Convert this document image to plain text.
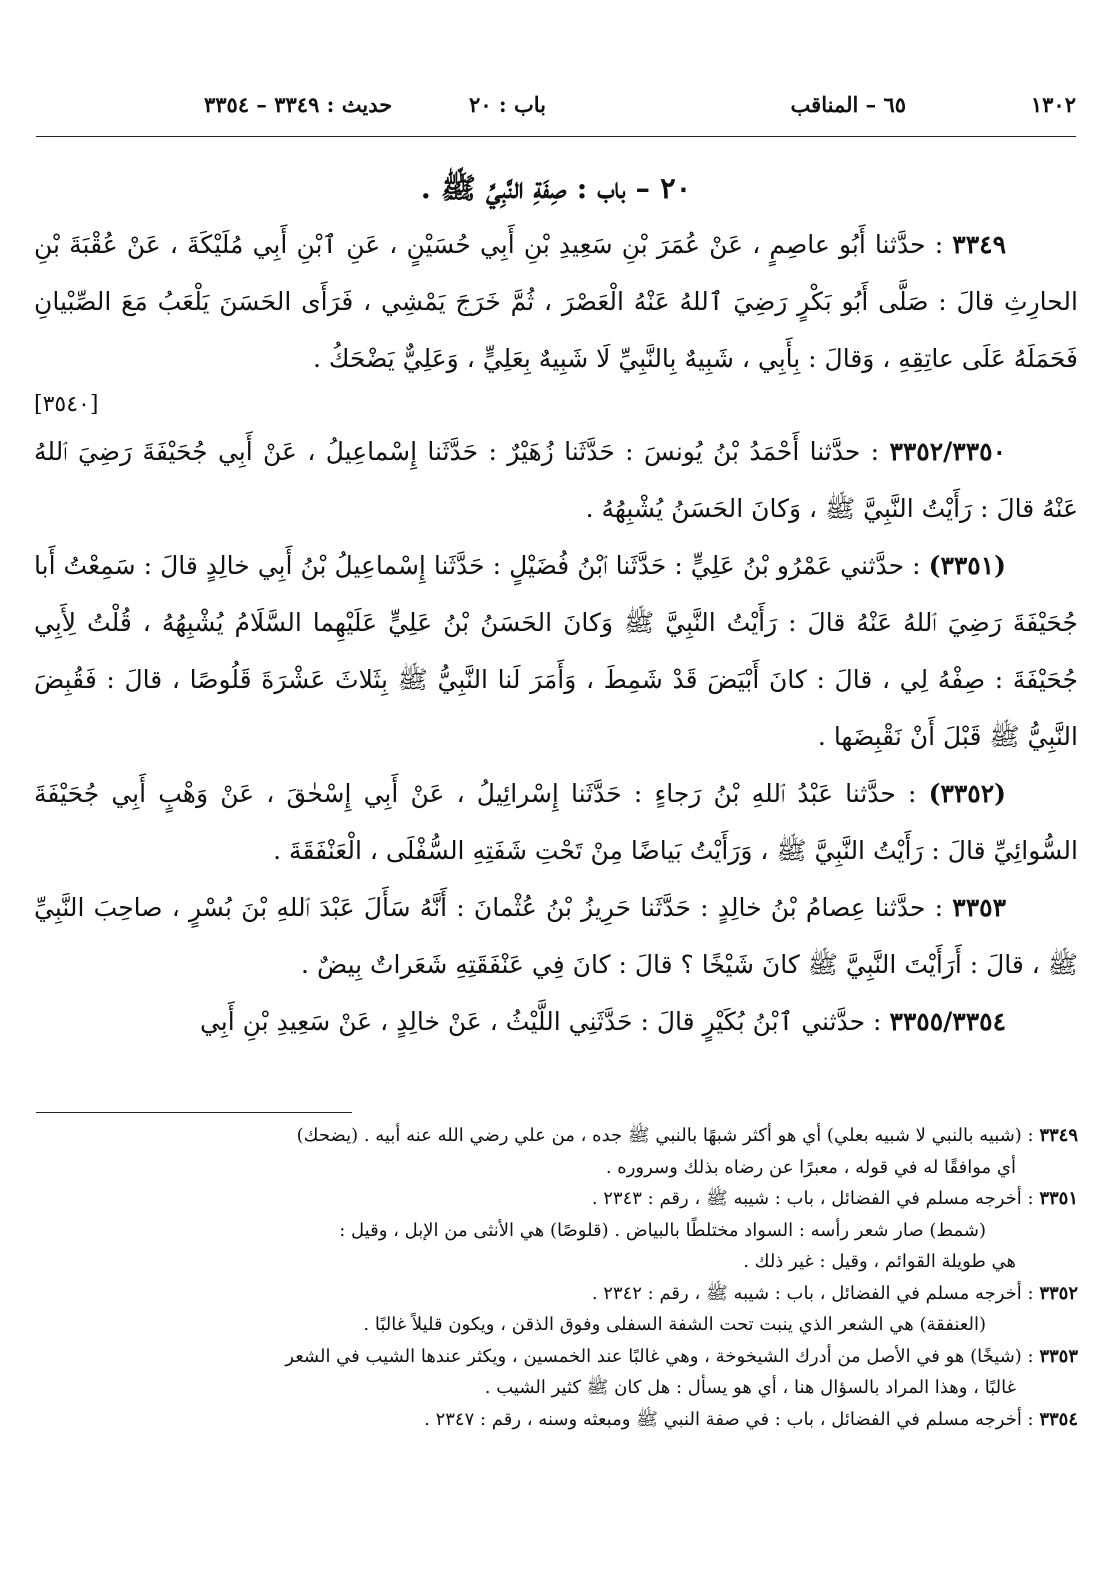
١٣٠٢
٦٥ – المناقب
باب : ٢٠
حديث : ٣٣٤٩ – ٣٣٥٤
٢٠ – باب : صِفَةِ النَّبِيِّ ﷺ .

٣٣٤٩ : حدَّثنا أَبُو عاصِمٍ ، عَنْ عُمَرَ بْنِ سَعِيدِ بْنِ أَبِي حُسَيْنٍ ، عَنِ ٱبْنِ أَبِي مُلَيْكَةَ ، عَنْ عُقْبَةَ بْنِ الحارِثِ قالَ : صَلَّى أَبُو بَكْرٍ رَضِيَ ٱللهُ عَنْهُ الْعَصْرَ ، ثُمَّ خَرَجَ يَمْشِي ، فَرَأَى الحَسَنَ يَلْعَبُ مَعَ الصِّبْيانِ فَحَمَلَهُ عَلَى عاتِقِهِ ، وَقالَ : بِأَبِي ، شَبِيهٌ بِالنَّبِيِّ لَا شَبِيهٌ بِعَلِيٍّ ، وَعَلِيٌّ يَضْحَكُ .

[٣٥٤٠]

٣٣٥٢/٣٣٥٠ : حدَّثنا أَحْمَدُ بْنُ يُونسَ : حَدَّثَنا زُهَيْرٌ : حَدَّثَنا إِسْماعِيلُ ، عَنْ أَبِي جُحَيْفَةَ رَضِيَ ٱللهُ عَنْهُ قالَ : رَأَيْتُ النَّبِيَّ ﷺ ، وَكانَ الحَسَنُ يُشْبِهُهُ .

(٣٣٥١) : حدَّثني عَمْرُو بْنُ عَلِيٍّ : حَدَّثَنا ٱبْنُ فُضَيْلٍ : حَدَّثَنا إِسْماعِيلُ بْنُ أَبِي خالِدٍ قالَ : سَمِعْتُ أَبا جُحَيْفَةَ رَضِيَ ٱللهُ عَنْهُ قالَ : رَأَيْتُ النَّبِيَّ ﷺ وَكانَ الحَسَنُ بْنُ عَلِيٍّ عَلَيْهِما السَّلَامُ يُشْبِهُهُ ، قُلْتُ لِأَبِي جُحَيْفَةَ : صِفْهُ لِي ، قالَ : كانَ أَبْيَضَ قَدْ شَمِطَ ، وَأَمَرَ لَنا النَّبِيُّ ﷺ بِثَلاثَ عَشْرَةَ قَلُوصًا ، قالَ : فَقُبِضَ النَّبِيُّ ﷺ قَبْلَ أَنْ نَقْبِضَها .

(٣٣٥٢) : حدَّثنا عَبْدُ ٱللهِ بْنُ رَجاءٍ : حَدَّثَنا إِسْرائِيلُ ، عَنْ أَبِي إِسْحٰقَ ، عَنْ وَهْبٍ أَبِي جُحَيْفَةَ السُّوائِيِّ قالَ : رَأَيْتُ النَّبِيَّ ﷺ ، وَرَأَيْتُ بَياضًا مِنْ تَحْتِ شَفَتِهِ السُّفْلَى ، الْعَنْفَقَةَ .

٣٣٥٣ : حدَّثنا عِصامُ بْنُ خالِدٍ : حَدَّثَنا حَرِيزُ بْنُ عُثْمانَ : أَنَّهُ سَأَلَ عَبْدَ ٱللهِ بْنَ بُسْرٍ ، صاحِبَ النَّبِيِّ ﷺ ، قالَ : أَرَأَيْتَ النَّبِيَّ ﷺ كانَ شَيْخًا ؟ قالَ : كانَ فِي عَنْفَقَتِهِ شَعَراتٌ بِيضٌ .

٣٣٥٥/٣٣٥٤ : حدَّثني ٱبْنُ بُكَيْرٍ قالَ : حَدَّثَنِي اللَّيْثُ ، عَنْ خالِدٍ ، عَنْ سَعِيدِ بْنِ أَبِي

٣٣٤٩ : (شبيه بالنبي لا شبيه بعلي) أي هو أكثر شبهًا بالنبي ﷺ جده ، من علي رضي الله عنه أبيه . (يضحك)
أي موافقًا له في قوله ، معبرًا عن رضاه بذلك وسروره .

٣٣٥١ : أخرجه مسلم في الفضائل ، باب : شيبه ﷺ ، رقم : ٢٣٤٣ .
(شمط) صار شعر رأسه : السواد مختلطًا بالبياض . (قلوصًا) هي الأنثى من الإبل ، وقيل :
هي طويلة القوائم ، وقيل : غير ذلك .

٣٣٥٢ : أخرجه مسلم في الفضائل ، باب : شيبه ﷺ ، رقم : ٢٣٤٢ .
(العنفقة) هي الشعر الذي ينبت تحت الشفة السفلى وفوق الذقن ، ويكون قليلاً غالبًا .

٣٣٥٣ : (شيخًا) هو في الأصل من أدرك الشيخوخة ، وهي غالبًا عند الخمسين ، ويكثر عندها الشيب في الشعر
غالبًا ، وهذا المراد بالسؤال هنا ، أي هو يسأل : هل كان ﷺ كثير الشيب .

٣٣٥٤ : أخرجه مسلم في الفضائل ، باب : في صفة النبي ﷺ ومبعثه وسنه ، رقم : ٢٣٤٧ .
